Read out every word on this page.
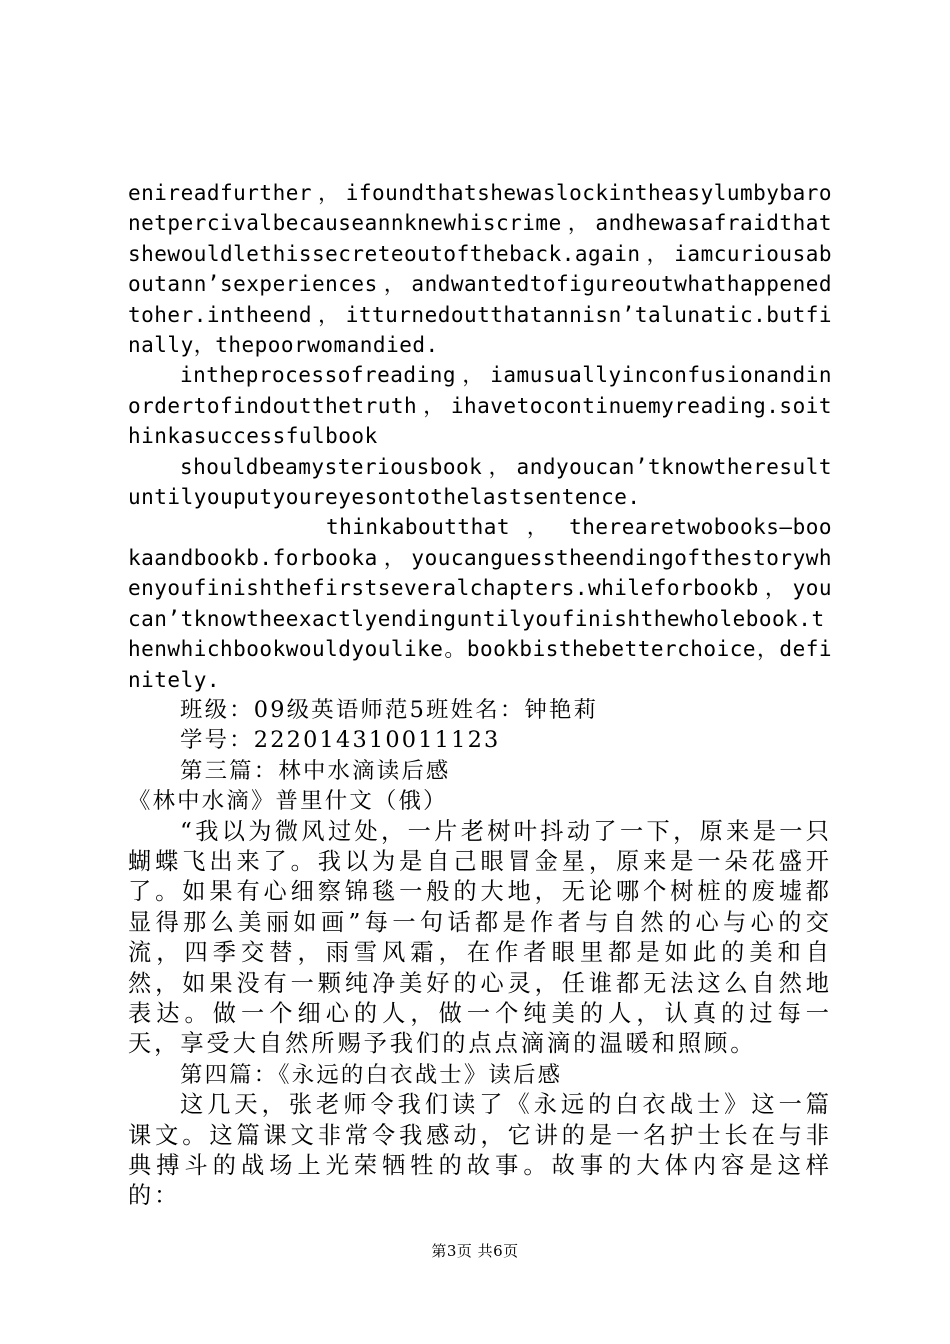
enireadfurther，ifoundthatshewaslockintheasylumbybaronetpercivalbecauseannknewhiscrime，andhewasafraidthatshewouldlethissecreteoutoftheback.again，iamcuriousaboutann’sexperiences，andwantedtofigureoutwhathappenedtoher.intheend，itturnedoutthatannisn’talunatic.butfinally，thepoorwomandied.

intheprocessofreading，iamusuallyinconfusionandinordertofindoutthetruth，ihavetocontinuemyreading.soithinkasuccessfulbook

shouldbeamysteriousbook，andyoucan’tknowtheresultuntilyouputyoureyesontothelastsentence.

thinkaboutthat ， therearetwobooks—bookaandbookb.forbooka，youcanguesstheendingofthestorywhenyoufinishthefirstseveralchapters.whileforbookb，youcan’tknowtheexactlyendinguntilyoufinishthewholebook.thenwhichbookwouldyoulike。bookbisthebetterchoice，definitely.

班级：09级英语师范5班姓名：钟艳莉

学号：222014310011123

第三篇：林中水滴读后感

《林中水滴》普里什文（俄）

“我以为微风过处，一片老树叶抖动了一下，原来是一只蝴蝶飞出来了。我以为是自己眼冒金星，原来是一朵花盛开了。如果有心细察锦毯一般的大地，无论哪个树桩的废墟都显得那么美丽如画”每一句话都是作者与自然的心与心的交流，四季交替，雨雪风霜，在作者眼里都是如此的美和自然，如果没有一颗纯净美好的心灵，任谁都无法这么自然地表达。做一个细心的人，做一个纯美的人，认真的过每一天，享受大自然所赐予我们的点点滴滴的温暖和照顾。

第四篇：《永远的白衣战士》读后感

这几天，张老师令我们读了《永远的白衣战士》这一篇课文。这篇课文非常令我感动，它讲的是一名护士长在与非典搏斗的战场上光荣牺牲的故事。故事的大体内容是这样的：

第3页 共6页
